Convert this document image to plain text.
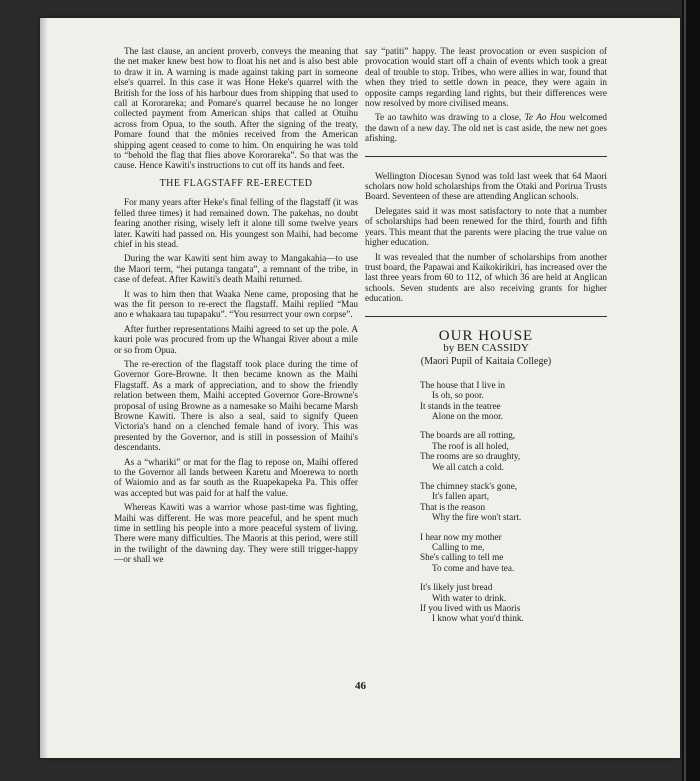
The last clause, an ancient proverb, conveys the meaning that the net maker knew best how to float his net and is also best able to draw it in. A warning is made against taking part in someone else's quarrel. In this case it was Hone Heke's quarrel with the British for the loss of his harbour dues from shipping that used to call at Kororareka; and Pomare's quarrel because he no longer collected payment from American ships that called at Otuihu across from Opua, to the south. After the signing of the treaty, Pomare found that the mōnies received from the American shipping agent ceased to come to him. On enquiring he was told to “behold the flag that flies above Kororareka”. So that was the cause. Hence Kawiti's instructions to cut off its hands and feet.

THE FLAGSTAFF RE-ERECTED

For many years after Heke's final felling of the flagstaff (it was felled three times) it had remained down. The pakehas, no doubt fearing another rising, wisely left it alone till some twelve years later. Kawiti had passed on. His youngest son Maihi, had become chief in his stead.

During the war Kawiti sent him away to Mangakahia—to use the Maori term, “hei putanga tangata”, a remnant of the tribe, in case of defeat. After Kawiti's death Maihi returned.

It was to him then that Waaka Nene came, proposing that he was the fit person to re-erect the flagstaff. Maihi replied “Mau ano e whakaara tau tupapaku”. “You resurrect your own corpse”.

After further representations Maihi agreed to set up the pole. A kauri pole was procured from up the Whangai River about a mile or so from Opua.

The re-erection of the flagstaff took place during the time of Governor Gore-Browne. It then became known as the Maihi Flagstaff. As a mark of appreciation, and to show the friendly relation between them, Maihi accepted Governor Gore-Browne's proposal of using Browne as a namesake so Maihi became Marsh Browne Kawiti. There is also a seal, said to signify Queen Victoria's hand on a clenched female hand of ivory. This was presented by the Governor, and is still in possession of Maihi's descendants.

As a “whariki” or mat for the flag to repose on, Maihi offered to the Governor all lands between Karetu and Moerewa to north of Waiomio and as far south as the Ruapekapeka Pa. This offer was accepted but was paid for at half the value.

Whereas Kawiti was a warrior whose past-time was fighting, Maihi was different. He was more peaceful, and he spent much time in settling his people into a more peaceful system of living. There were many difficulties. The Maoris at this period, were still in the twilight of the dawning day. They were still trigger-happy—or shall we

say “patiti” happy. The least provocation or even suspicion of provocation would start off a chain of events which took a great deal of trouble to stop. Tribes, who were allies in war, found that when they tried to settle down in peace, they were again in opposite camps regarding land rights, but their differences were now resolved by more civilised means.

Te ao tawhito was drawing to a close, Te Ao Hou welcomed the dawn of a new day. The old net is cast aside, the new net goes afishing.

Wellington Diocesan Synod was told last week that 64 Maori scholars now hold scholarships from the Otaki and Porirua Trusts Board. Seventeen of these are attending Anglican schools.

Delegates said it was most satisfactory to note that a number of scholarships had been renewed for the third, fourth and fifth years. This meant that the parents were placing the true value on higher education.

It was revealed that the number of scholarships from another trust board, the Papawai and Kaikokirikiri, has increased over the last three years from 60 to 112, of which 36 are held at Anglican schools. Seven students are also receiving grants for higher education.

OUR HOUSE
by BEN CASSIDY
(Maori Pupil of Kaitaia College)
The house that I live in
Is oh, so poor.
It stands in the teatree
Alone on the moor.
The boards are all rotting,
The roof is all holed,
The rooms are so draughty,
We all catch a cold.
The chimney stack's gone,
It's fallen apart,
That is the reason
Why the fire won't start.
I hear now my mother
Calling to me,
She's calling to tell me
To come and have tea.
It's likely just bread
With water to drink.
If you lived with us Maoris
I know what you'd think.
46
